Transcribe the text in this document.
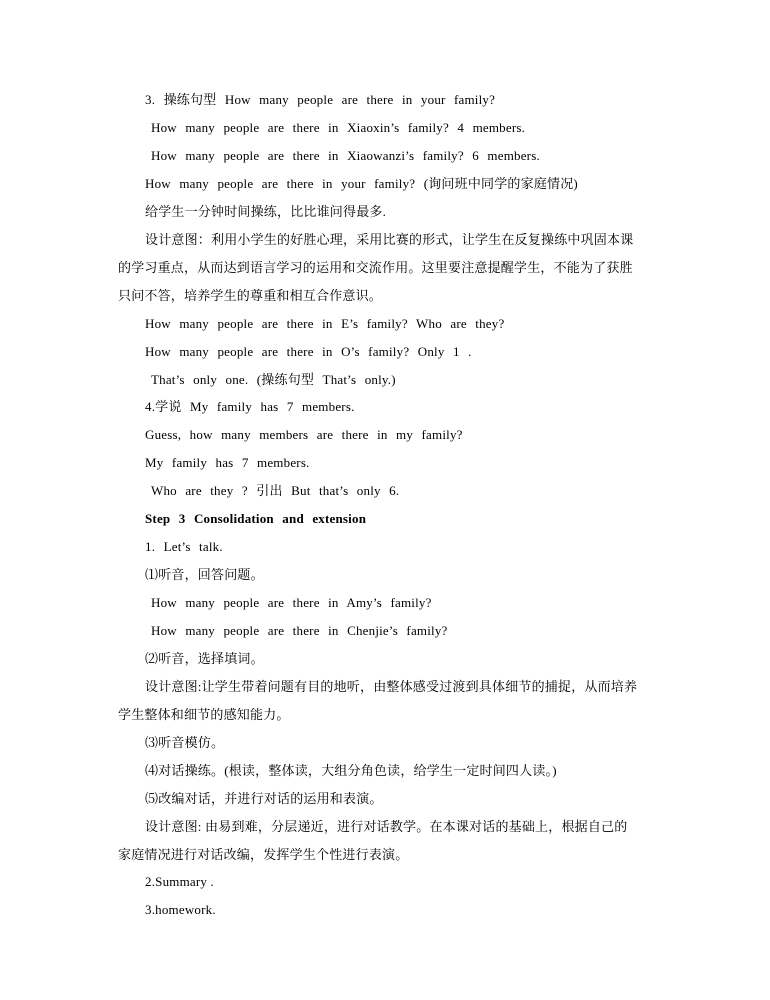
3. 操练句型 How many people are there in your family?
How many people are there in Xiaoxin’s family? 4 members.
How many people are there in Xiaowanzi’s family? 6 members.
How many people are there in your family? (询问班中同学的家庭情况)
给学生一分钟时间操练，比比谁问得最多.
设计意图：利用小学生的好胜心理，采用比赛的形式，让学生在反复操练中巩固本课
的学习重点，从而达到语言学习的运用和交流作用。这里要注意提醒学生，不能为了获胜
只问不答，培养学生的尊重和相互合作意识。
How many people are there in E’s family? Who are they?
How many people are there in O’s family? Only 1 .
That’s only one. (操练句型 That’s only.)
4.学说 My family has 7 members.
Guess, how many members are there in my family?
My family has 7 members.
Who are they ? 引出 But that’s only 6.
Step 3 Consolidation and extension
1. Let’s talk.
⑴听音，回答问题。
How many people are there in Amy’s family?
How many people are there in Chenjie’s family?
⑵听音，选择填词。
设计意图:让学生带着问题有目的地听，由整体感受过渡到具体细节的捕捉，从而培养
学生整体和细节的感知能力。
⑶听音模仿。
⑷对话操练。(根读，整体读，大组分角色读，给学生一定时间四人读。)
⑸改编对话，并进行对话的运用和表演。
设计意图: 由易到难，分层递近，进行对话教学。在本课对话的基础上，根据自己的
家庭情况进行对话改编，发挥学生个性进行表演。
2.Summary .
3.homework.
